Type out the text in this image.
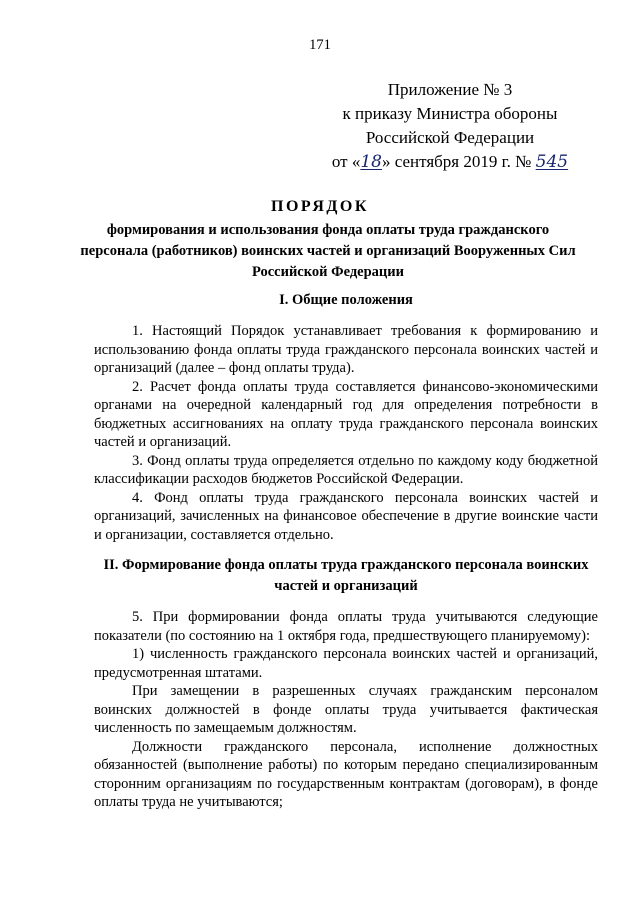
171
Приложение № 3
к приказу Министра обороны
Российской Федерации
от «18» сентября 2019 г. № 545
ПОРЯДОК
формирования и использования фонда оплаты труда гражданского персонала (работников) воинских частей и организаций Вооруженных Сил Российской Федерации
I. Общие положения

1. Настоящий Порядок устанавливает требования к формированию и использованию фонда оплаты труда гражданского персонала воинских частей и организаций (далее – фонд оплаты труда).

2. Расчет фонда оплаты труда составляется финансово-экономическими органами на очередной календарный год для определения потребности в бюджетных ассигнованиях на оплату труда гражданского персонала воинских частей и организаций.

3. Фонд оплаты труда определяется отдельно по каждому коду бюджетной классификации расходов бюджетов Российской Федерации.

4. Фонд оплаты труда гражданского персонала воинских частей и организаций, зачисленных на финансовое обеспечение в другие воинские части и организации, составляется отдельно.

II. Формирование фонда оплаты труда гражданского персонала воинских частей и организаций

5. При формировании фонда оплаты труда учитываются следующие показатели (по состоянию на 1 октября года, предшествующего планируемому):

1) численность гражданского персонала воинских частей и организаций, предусмотренная штатами.

При замещении в разрешенных случаях гражданским персоналом воинских должностей в фонде оплаты труда учитывается фактическая численность по замещаемым должностям.

Должности гражданского персонала, исполнение должностных обязанностей (выполнение работы) по которым передано специализированным сторонним организациям по государственным контрактам (договорам), в фонде оплаты труда не учитываются;
